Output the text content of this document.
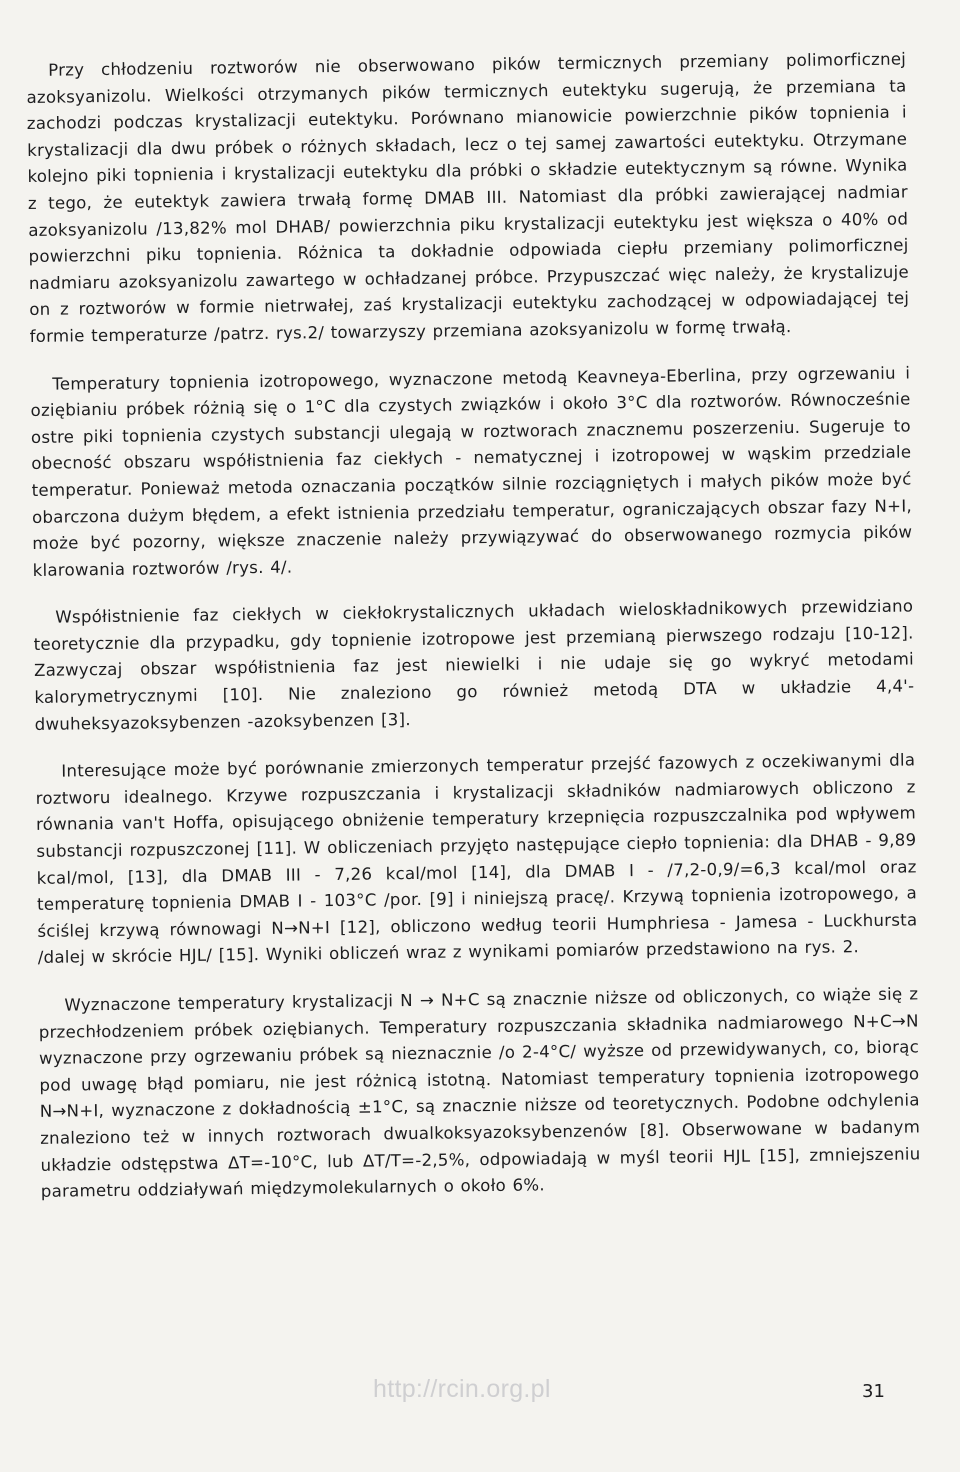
Przy chłodzeniu roztworów nie obserwowano pików termicznych przemiany polimorficznej azoksyanizolu. Wielkości otrzymanych pików termicznych eutektyku sugerują, że przemiana ta zachodzi podczas krystalizacji eutektyku. Porównano mianowicie powierzchnie pików topnienia i krystalizacji dla dwu próbek o różnych składach, lecz o tej samej zawartości eutektyku. Otrzymane kolejno piki topnienia i krystalizacji eutektyku dla próbki o składzie eutektycznym są równe. Wynika z tego, że eutektyk zawiera trwałą formę DMAB III. Natomiast dla próbki zawierającej nadmiar azoksyanizolu /13,82% mol DHAB/ powierzchnia piku krystalizacji eutektyku jest większa o 40% od powierzchni piku topnienia. Różnica ta dokładnie odpowiada ciepłu przemiany polimorficznej nadmiaru azoksyanizolu zawartego w ochładzanej próbce. Przypuszczać więc należy, że krystalizuje on z roztworów w formie nietrwałej, zaś krystalizacji eutektyku zachodzącej w odpowiadającej tej formie temperaturze /patrz. rys.2/ towarzyszy przemiana azoksyanizolu w formę trwałą.

Temperatury topnienia izotropowego, wyznaczone metodą Keavneya-Eberlina, przy ogrzewaniu i oziębianiu próbek różnią się o 1°C dla czystych związków i około 3°C dla roztworów. Równocześnie ostre piki topnienia czystych substancji ulegają w roztworach znacznemu poszerzeniu. Sugeruje to obecność obszaru współistnienia faz ciekłych - nematycznej i izotropowej w wąskim przedziale temperatur. Ponieważ metoda oznaczania początków silnie rozciągniętych i małych pików może być obarczona dużym błędem, a efekt istnienia przedziału temperatur, ograniczających obszar fazy N+I, może być pozorny, większe znaczenie należy przywiązywać do obserwowanego rozmycia pików klarowania roztworów /rys. 4/.

Współistnienie faz ciekłych w ciekłokrystalicznych układach wieloskładnikowych przewidziano teoretycznie dla przypadku, gdy topnienie izotropowe jest przemianą pierwszego rodzaju [10-12]. Zazwyczaj obszar współistnienia faz jest niewielki i nie udaje się go wykryć metodami kalorymetrycznymi [10]. Nie znaleziono go również metodą DTA w układzie 4,4'-dwuheksyazoksybenzen -azoksybenzen [3].

Interesujące może być porównanie zmierzonych temperatur przejść fazowych z oczekiwanymi dla roztworu idealnego. Krzywe rozpuszczania i krystalizacji składników nadmiarowych obliczono z równania van't Hoffa, opisującego obniżenie temperatury krzepnięcia rozpuszczalnika pod wpływem substancji rozpuszczonej [11]. W obliczeniach przyjęto następujące ciepło topnienia: dla DHAB - 9,89 kcal/mol, [13], dla DMAB III - 7,26 kcal/mol [14], dla DMAB I - /7,2-0,9/=6,3 kcal/mol oraz temperaturę topnienia DMAB I - 103°C /por. [9] i niniejszą pracę/. Krzywą topnienia izotropowego, a ściślej krzywą równowagi N→N+I [12], obliczono według teorii Humphriesa - Jamesa - Luckhursta /dalej w skrócie HJL/ [15]. Wyniki obliczeń wraz z wynikami pomiarów przedstawiono na rys. 2.

Wyznaczone temperatury krystalizacji N → N+C są znacznie niższe od obliczonych, co wiąże się z przechłodzeniem próbek oziębianych. Temperatury rozpuszczania składnika nadmiarowego N+C→N wyznaczone przy ogrzewaniu próbek są nieznacznie /o 2-4°C/ wyższe od przewidywanych, co, biorąc pod uwagę błąd pomiaru, nie jest różnicą istotną. Natomiast temperatury topnienia izotropowego N→N+I, wyznaczone z dokładnością ±1°C, są znacznie niższe od teoretycznych. Podobne odchylenia znaleziono też w innych roztworach dwualkoksyazoksybenzenów [8]. Obserwowane w badanym układzie odstępstwa ΔT=-10°C, lub ΔT/T=-2,5%, odpowiadają w myśl teorii HJL [15], zmniejszeniu parametru oddziaływań międzymolekularnych o około 6%.

http://rcin.org.pl	31
